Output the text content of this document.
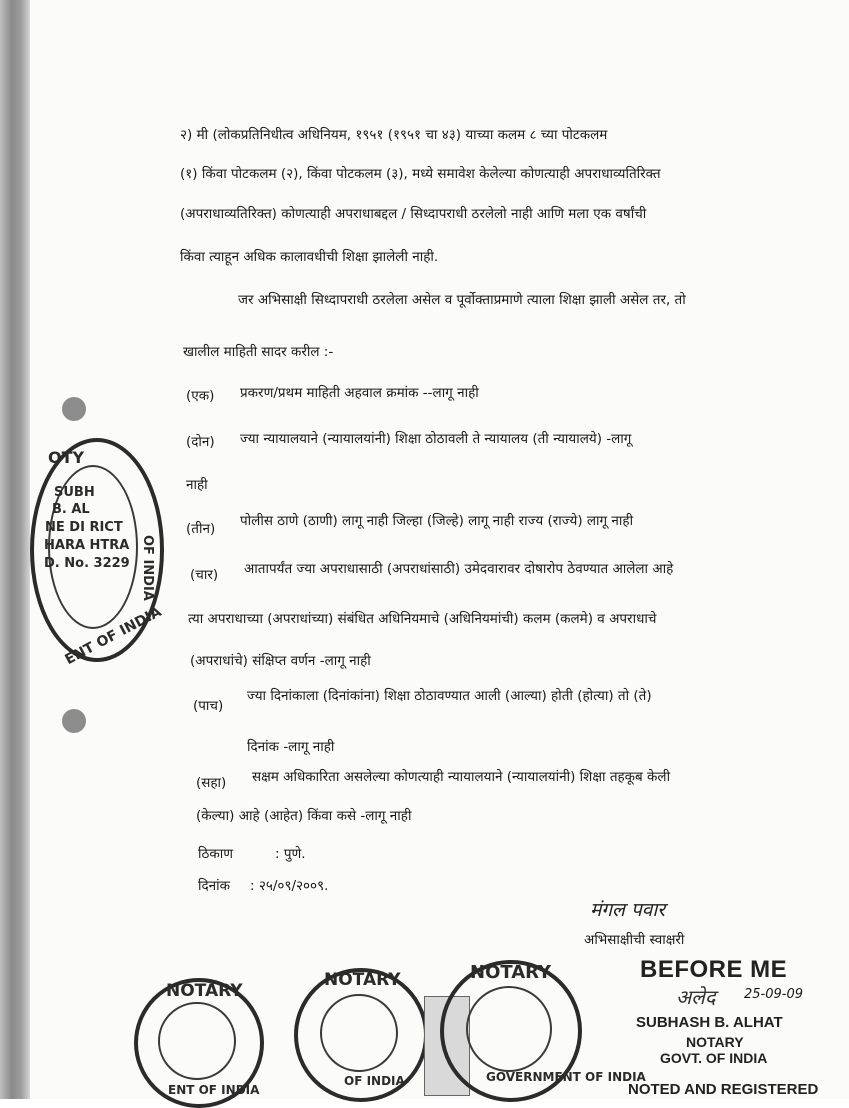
OTY
ENT OF INDIA
OF INDIA
SUBH
B. AL
NE DI RICT
HARA HTRA
D. No. 3229
२) मी (लोकप्रतिनिधीत्व अधिनियम, १९५१ (१९५१ चा ४३) याच्या कलम ८ च्या पोटकलम
(१) किंवा पोटकलम (२), किंवा पोटकलम (३), मध्ये समावेश केलेल्या कोणत्याही अपराधाव्यतिरिक्त
(अपराधाव्यतिरिक्त) कोणत्याही अपराधाबद्दल / सिध्दापराधी ठरलेलो नाही आणि मला एक वर्षांची
किंवा त्याहून अधिक कालावधीची शिक्षा झालेली नाही.
जर अभिसाक्षी सिध्दापराधी ठरलेला असेल व पूर्वोक्ताप्रमाणे त्याला शिक्षा झाली असेल तर, तो
खालील माहिती सादर करील :-
(एक) प्रकरण/प्रथम माहिती अहवाल क्रमांक --लागू नाही
(दोन) ज्या न्यायालयाने (न्यायालयांनी) शिक्षा ठोठावली ते न्यायालय (ती न्यायालये) -लागू
नाही
(तीन) पोलीस ठाणे (ठाणी) लागू नाही जिल्हा (जिल्हे) लागू नाही राज्य (राज्ये) लागू नाही
(चार) आतापर्यंत ज्या अपराधासाठी (अपराधांसाठी) उमेदवारावर दोषारोप ठेवण्यात आलेला आहे
त्या अपराधाच्या (अपराधांच्या) संबंधित अधिनियमाचे (अधिनियमांची) कलम (कलमे) व अपराधाचे
(अपराधांचे) संक्षिप्त वर्णन -लागू नाही
(पाच)
ज्या दिनांकाला (दिनांकांना) शिक्षा ठोठावण्यात आली (आल्या) होती (होत्या) तो (ते)
दिनांक -लागू नाही
(सहा) सक्षम अधिकारिता असलेल्या कोणत्याही न्यायालयाने (न्यायालयांनी) शिक्षा तहकूब केली
(केल्या) आहे (आहेत) किंवा कसे -लागू नाही
ठिकाण	: पुणे.
दिनांक : २५/०९/२००९.
मंगल पवार
अभिसाक्षीची स्वाक्षरी
NOTARY
ENT OF INDIA
NOTARY
OF INDIA
NOTARY
GOVERNMENT OF INDIA
BEFORE ME
अलेद 25-09-09
SUBHASH B. ALHAT
NOTARY
GOVT. OF INDIA
NOTED AND REGISTERED
